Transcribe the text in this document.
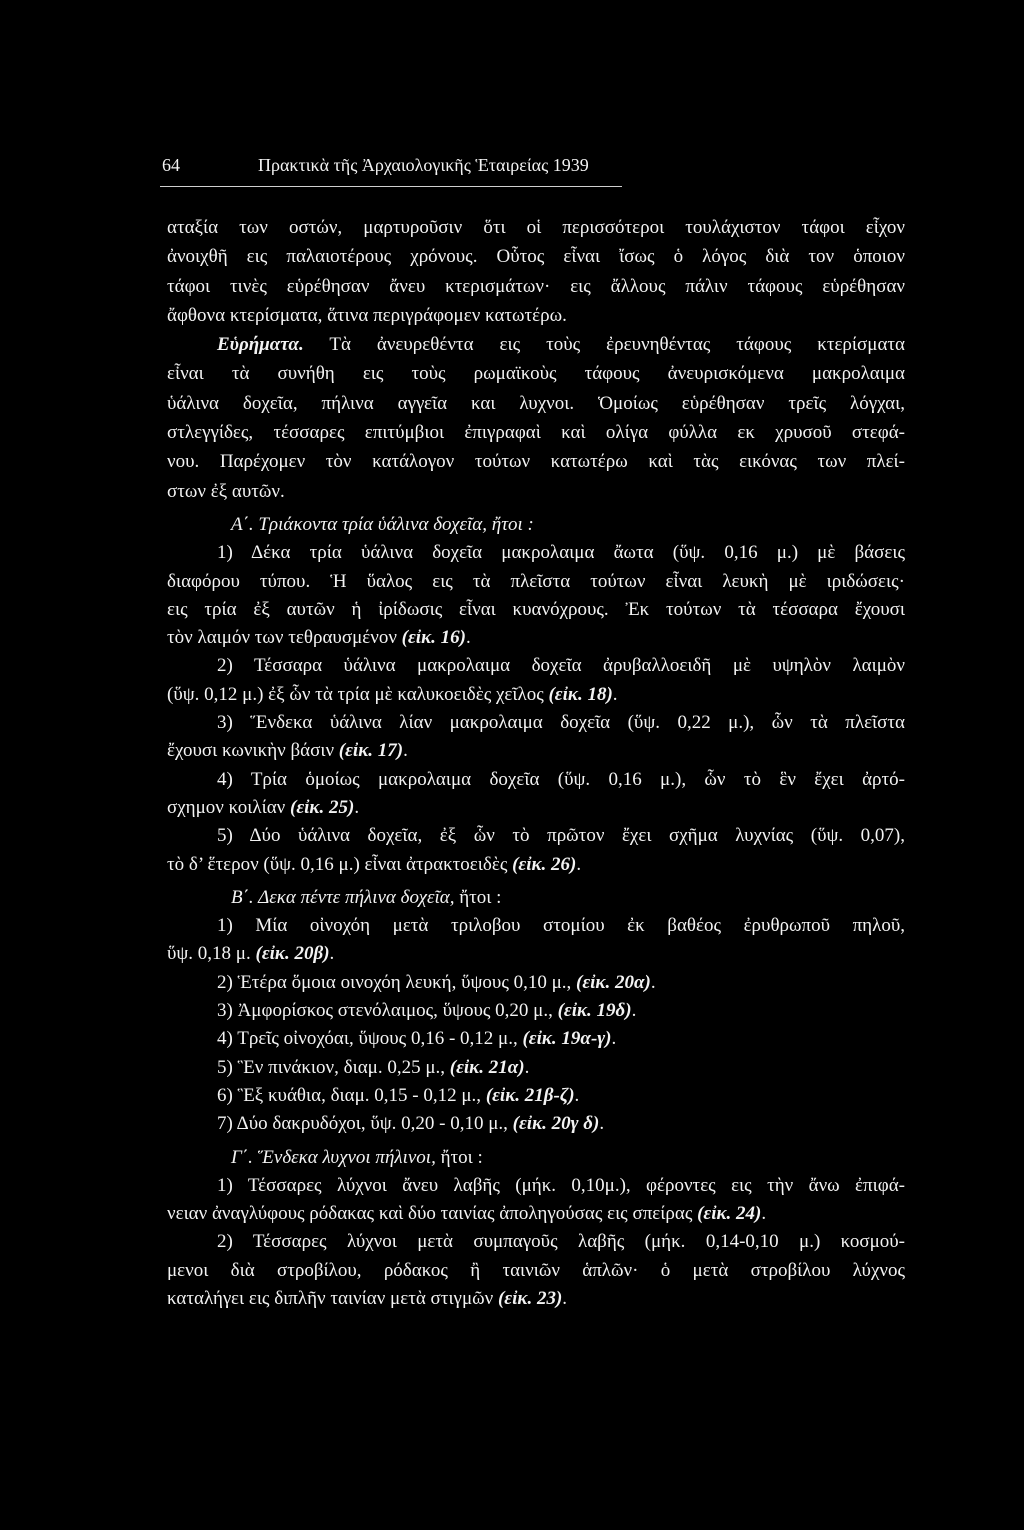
64	Πρακτικὰ τῆς Ἀρχαιολογικῆς Ἑταιρείας 1939
αταξία των οστών, μαρτυροῦσιν ὅτι οἱ περισσότεροι τουλάχιστον τάφοι εἶχον
ἀνοιχθῆ εις παλαιοτέρους χρόνους. Οὗτος εἶναι ἴσως ὁ λόγος διὰ τον ὁποιον
τάφοι τινὲς εὑρέθησαν ἄνευ κτερισμάτων· εις ἄλλους πάλιν τάφους εὑρέθησαν
ἄφθονα κτερίσματα, ἅτινα περιγράφομεν κατωτέρω.
Εὑρήματα. Τὰ ἀνευρεθέντα εις τοὺς ἐρευνηθέντας τάφους κτερίσματα
εἶναι τὰ συνήθη εις τοὺς ρωμαϊκοὺς τάφους ἀνευρισκόμενα μακρολαιμα
ὑάλινα δοχεῖα, πήλινα αγγεῖα και λυχνοι. Ὁμοίως εὑρέθησαν τρεῖς λόγχαι,
στλεγγίδες, τέσσαρες επιτύμβιοι ἐπιγραφαὶ καὶ ολίγα φύλλα εκ χρυσοῦ στεφά-
νου. Παρέχομεν τὸν κατάλογον τούτων κατωτέρω καὶ τὰς εικόνας των πλεί-
στων ἐξ αυτῶν.
Α΄. Τριάκοντα τρία ὑάλινα δοχεῖα, ἤτοι :
1) Δέκα τρία ὑάλινα δοχεῖα μακρολαιμα ἄωτα (ὕψ. 0,16 μ.) μὲ βάσεις
διαφόρου τύπου. Ἡ ὕαλος εις τὰ πλεῖστα τούτων εἶναι λευκὴ μὲ ιριδώσεις·
εις τρία ἐξ αυτῶν ἡ ἰρίδωσις εἶναι κυανόχρους. Ἐκ τούτων τὰ τέσσαρα ἔχουσι
τὸν λαιμόν των τεθραυσμένον (εἰκ. 16).
2) Τέσσαρα ὑάλινα μακρολαιμα δοχεῖα ἀρυβαλλοειδῆ μὲ υψηλὸν λαιμὸν
(ὕψ. 0,12 μ.) ἐξ ὧν τὰ τρία μὲ καλυκοειδὲς χεῖλος (εἰκ. 18).
3) Ἕνδεκα ὑάλινα λίαν μακρολαιμα δοχεῖα (ὕψ. 0,22 μ.), ὧν τὰ πλεῖστα
ἔχουσι κωνικὴν βάσιν (εἰκ. 17).
4) Τρία ὁμοίως μακρολαιμα δοχεῖα (ὕψ. 0,16 μ.), ὧν τὸ ἓν ἔχει ἀρτό-
σχημον κοιλίαν (εἰκ. 25).
5) Δύο ὑάλινα δοχεῖα, ἐξ ὧν τὸ πρῶτον ἔχει σχῆμα λυχνίας (ὕψ. 0,07),
τὸ δ’ ἕτερον (ὕψ. 0,16 μ.) εἶναι ἀτρακτοειδὲς (εἰκ. 26).
Β΄. Δεκα πέντε πήλινα δοχεῖα, ἤτοι :
1) Μία οἰνοχόη μετὰ τριλοβου στομίου ἐκ βαθέος ἐρυθρωποῦ πηλοῦ,
ὕψ. 0,18 μ. (εἰκ. 20β).
2) Ἑτέρα ὅμοια οινοχόη λευκή, ὕψους 0,10 μ., (εἰκ. 20α).
3) Ἀμφορίσκος στενόλαιμος, ὕψους 0,20 μ., (εἰκ. 19δ).
4) Τρεῖς οἰνοχόαι, ὕψους 0,16 - 0,12 μ., (εἰκ. 19α-γ).
5) Ἓν πινάκιον, διαμ. 0,25 μ., (εἰκ. 21α).
6) Ἓξ κυάθια, διαμ. 0,15 - 0,12 μ., (εἰκ. 21β-ζ).
7) Δύο δακρυδόχοι, ὕψ. 0,20 - 0,10 μ., (εἰκ. 20γ δ).
Γ΄. Ἕνδεκα λυχνοι πήλινοι, ἤτοι :
1) Τέσσαρες λύχνοι ἄνευ λαβῆς (μήκ. 0,10μ.), φέροντες εις τὴν ἄνω ἐπιφά-
νειαν ἀναγλύφους ρόδακας καὶ δύο ταινίας ἀποληγούσας εις σπείρας (εἰκ. 24).
2) Τέσσαρες λύχνοι μετὰ συμπαγοῦς λαβῆς (μήκ. 0,14-0,10 μ.) κοσμού-
μενοι διὰ στροβίλου, ρόδακος ἢ ταινιῶν ἁπλῶν· ὁ μετὰ στροβίλου λύχνος
καταλήγει εις διπλῆν ταινίαν μετὰ στιγμῶν (εἰκ. 23).
